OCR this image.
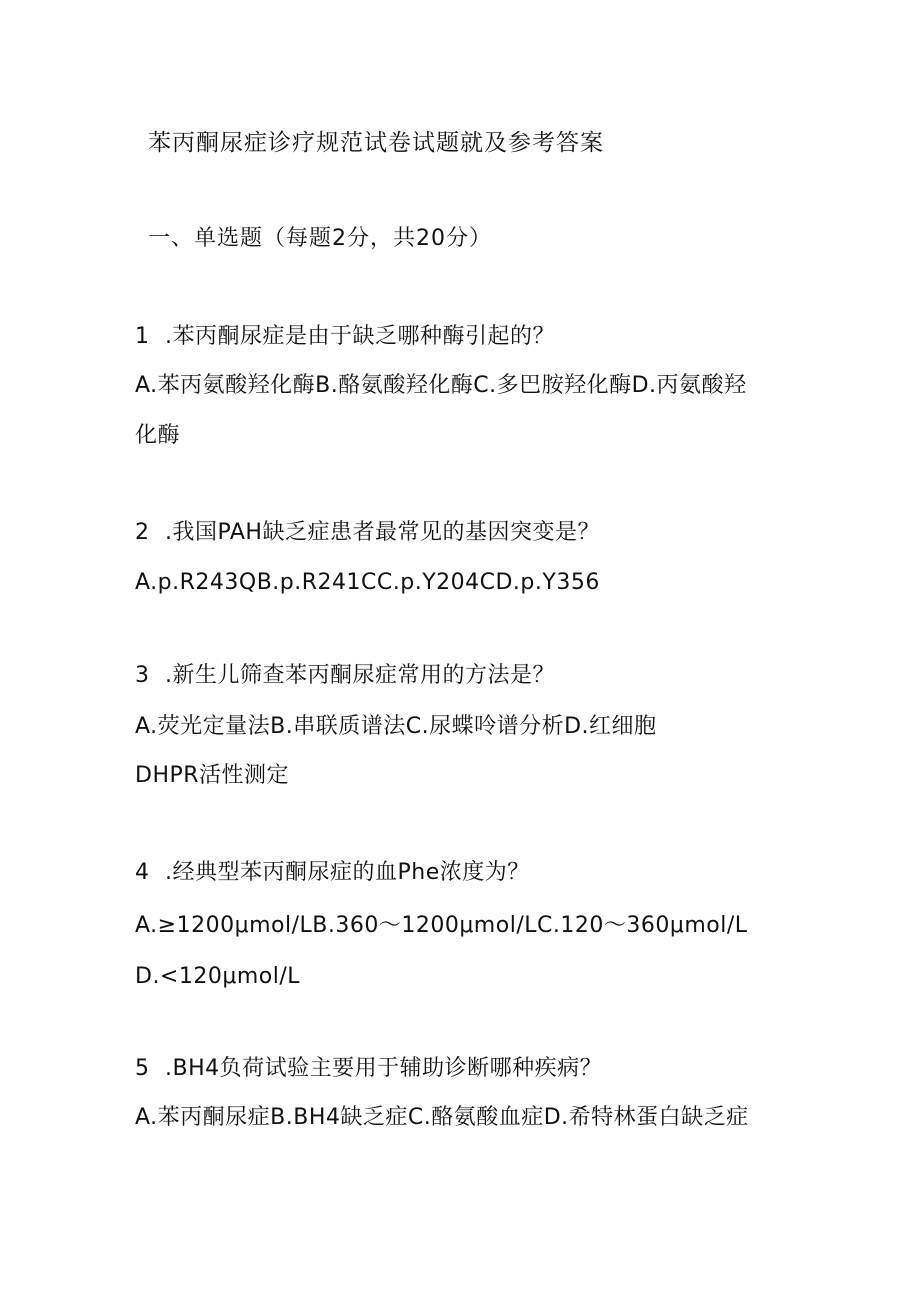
苯丙酮尿症诊疗规范试卷试题就及参考答案
一、单选题（每题2分，共20分）
1 .苯丙酮尿症是由于缺乏哪种酶引起的？
A.苯丙氨酸羟化酶B.酪氨酸羟化酶C.多巴胺羟化酶D.丙氨酸羟
化酶
2 .我国PAH缺乏症患者最常见的基因突变是？
A.p.R243QB.p.R241CC.p.Y204CD.p.Y356
3 .新生儿筛查苯丙酮尿症常用的方法是？
A.荧光定量法B.串联质谱法C.尿蝶呤谱分析D.红细胞
DHPR活性测定
4 .经典型苯丙酮尿症的血Phe浓度为？
A.≥1200μmol/LB.360～1200μmol/LC.120～360μmol/L
D.<120μmol/L
5 .BH4负荷试验主要用于辅助诊断哪种疾病？
A.苯丙酮尿症B.BH4缺乏症C.酪氨酸血症D.希特林蛋白缺乏症
